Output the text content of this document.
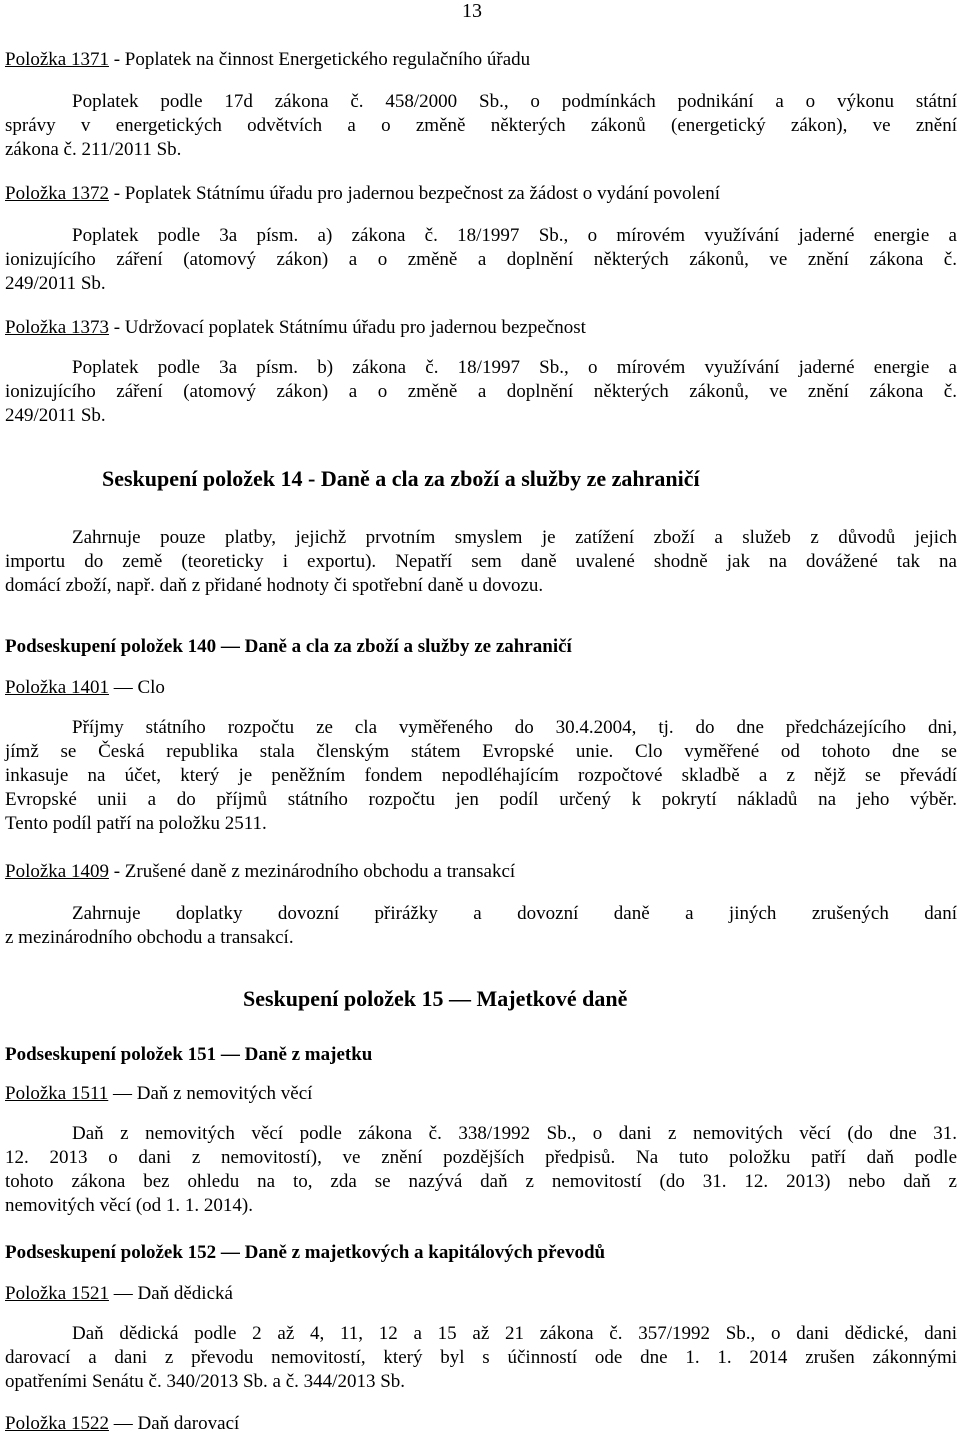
13
Položka 1371 - Poplatek na činnost Energetického regulačního úřadu

Poplatek podle 17d zákona č. 458/2000 Sb., o podmínkách podnikání a o výkonu státní

správy v energetických odvětvích a o změně některých zákonů (energetický zákon), ve znění

zákona č. 211/2011 Sb.

Položka 1372 - Poplatek Státnímu úřadu pro jadernou bezpečnost za žádost o vydání povolení

Poplatek podle 3a písm. a) zákona č. 18/1997 Sb., o mírovém využívání jaderné energie a

ionizujícího záření (atomový zákon) a o změně a doplnění některých zákonů, ve znění zákona č.

249/2011 Sb.

Položka 1373 - Udržovací poplatek Státnímu úřadu pro jadernou bezpečnost

Poplatek podle 3a písm. b) zákona č. 18/1997 Sb., o mírovém využívání jaderné energie a

ionizujícího záření (atomový zákon) a o změně a doplnění některých zákonů, ve znění zákona č.

249/2011 Sb.

Seskupení položek 14 - Daně a cla za zboží a služby ze zahraničí

Zahrnuje pouze platby, jejichž prvotním smyslem je zatížení zboží a služeb z důvodů jejich

importu do země (teoreticky i exportu). Nepatří sem daně uvalené shodně jak na dovážené tak na

domácí zboží, např. daň z přidané hodnoty či spotřební daně u dovozu.

Podseskupení položek 140 — Daně a cla za zboží a služby ze zahraničí
Položka 1401 — Clo

Příjmy státního rozpočtu ze cla vyměřeného do 30.4.2004, tj. do dne předcházejícího dni,

jímž se Česká republika stala členským státem Evropské unie. Clo vyměřené od tohoto dne se

inkasuje na účet, který je peněžním fondem nepodléhajícím rozpočtové skladbě a z nějž se převádí

Evropské unii a do příjmů státního rozpočtu jen podíl určený k pokrytí nákladů na jeho výběr.

Tento podíl patří na položku 2511.

Položka 1409 - Zrušené daně z mezinárodního obchodu a transakcí

Zahrnuje doplatky dovozní přirážky a dovozní daně a jiných zrušených daní

z mezinárodního obchodu a transakcí.

Seskupení položek 15 — Majetkové daně
Podseskupení položek 151 — Daně z majetku
Položka 1511 — Daň z nemovitých věcí

Daň z nemovitých věcí podle zákona č. 338/1992 Sb., o dani z nemovitých věcí (do dne 31.

12. 2013 o dani z nemovitostí), ve znění pozdějších předpisů. Na tuto položku patří daň podle

tohoto zákona bez ohledu na to, zda se nazývá daň z nemovitostí (do 31. 12. 2013) nebo daň z

nemovitých věcí (od 1. 1. 2014).

Podseskupení položek 152 — Daně z majetkových a kapitálových převodů
Položka 1521 — Daň dědická

Daň dědická podle 2 až 4, 11, 12 a 15 až 21 zákona č. 357/1992 Sb., o dani dědické, dani

darovací a dani z převodu nemovitostí, který byl s účinností ode dne 1. 1. 2014 zrušen zákonnými

opatřeními Senátu č. 340/2013 Sb. a č. 344/2013 Sb.

Položka 1522 — Daň darovací
